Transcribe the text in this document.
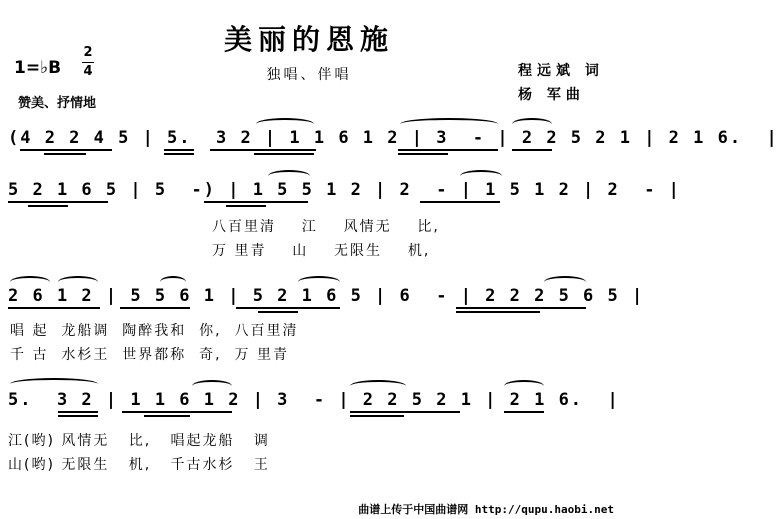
美丽的恩施
独唱、伴唱
1=♭B
2
4
赞美、抒情地
程远斌 词
杨 军曲
(4 2 2 4 5 | 5.  3 2 | 1 1 6 1 2 | 3  - | 2 2 5 2 1 | 2 1 6.  |
5 2 1 6 5 | 5  -) | 1 5 5 1 2 | 2  - | 1 5 1 2 | 2  - |
八百里清    江    风情无    比,
万 里青    山    无限生    机,
2 6 1 2 | 5 5 6 1 | 5 2 1 6 5 | 6  - | 2 2 2 5 6 5 |
唱 起  龙船调  陶醉我和  你,  八百里清
千 古  水杉王  世界都称  奇,  万 里青
5.  3 2 | 1 1 6 1 2 | 3  - | 2 2 5 2 1 | 2 1 6.  |
江(哟) 风情无   比,   唱起龙船   调
山(哟) 无限生   机,   千古水杉   王
曲谱上传于中国曲谱网 http://qupu.haobi.net
